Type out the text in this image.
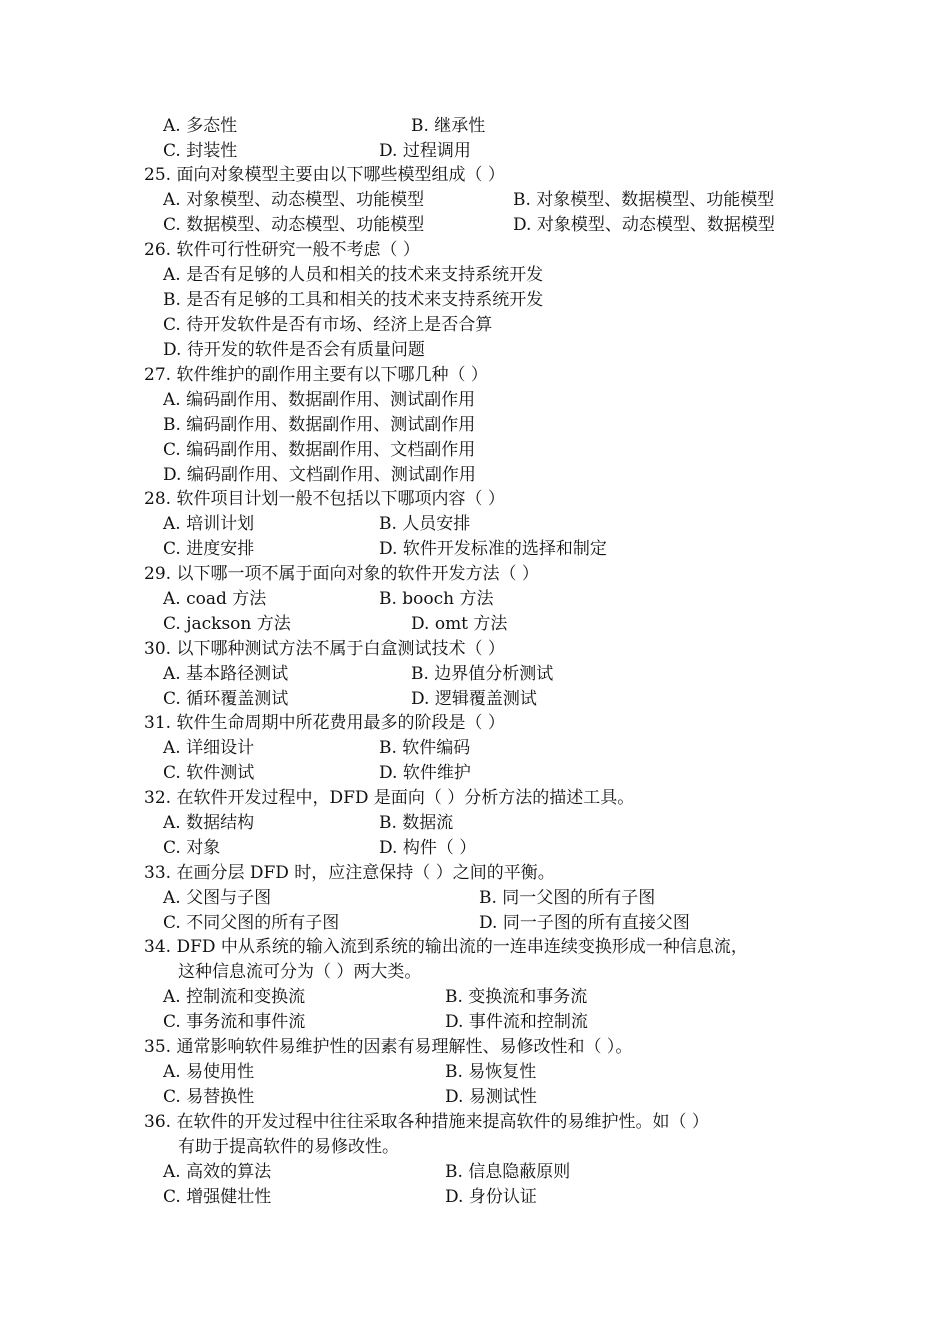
A. 多态性	B. 继承性
C. 封装性	D. 过程调用
25. 面向对象模型主要由以下哪些模型组成（ ）
A. 对象模型、动态模型、功能模型	B. 对象模型、数据模型、功能模型
C. 数据模型、动态模型、功能模型	D. 对象模型、动态模型、数据模型
26. 软件可行性研究一般不考虑（ ）
A. 是否有足够的人员和相关的技术来支持系统开发
B. 是否有足够的工具和相关的技术来支持系统开发
C. 待开发软件是否有市场、经济上是否合算
D. 待开发的软件是否会有质量问题
27. 软件维护的副作用主要有以下哪几种（ ）
A. 编码副作用、数据副作用、测试副作用
B. 编码副作用、数据副作用、测试副作用
C. 编码副作用、数据副作用、文档副作用
D. 编码副作用、文档副作用、测试副作用
28. 软件项目计划一般不包括以下哪项内容（ ）
A. 培训计划	B. 人员安排
C. 进度安排	D. 软件开发标准的选择和制定
29. 以下哪一项不属于面向对象的软件开发方法（ ）
A. coad 方法	B. booch 方法
C. jackson 方法	D. omt 方法
30. 以下哪种测试方法不属于白盒测试技术（ ）
A. 基本路径测试	B. 边界值分析测试
C. 循环覆盖测试	D. 逻辑覆盖测试
31. 软件生命周期中所花费用最多的阶段是（ ）
A. 详细设计	B. 软件编码
C. 软件测试	D. 软件维护
32. 在软件开发过程中，DFD 是面向（ ）分析方法的描述工具。
A. 数据结构	B. 数据流
C. 对象	D. 构件（ ）
33. 在画分层 DFD 时，应注意保持（ ）之间的平衡。
A. 父图与子图	B. 同一父图的所有子图
C. 不同父图的所有子图	D. 同一子图的所有直接父图
34. DFD 中从系统的输入流到系统的输出流的一连串连续变换形成一种信息流，
这种信息流可分为（ ）两大类。
A. 控制流和变换流	B. 变换流和事务流
C. 事务流和事件流	D. 事件流和控制流
35. 通常影响软件易维护性的因素有易理解性、易修改性和（ ）。
A. 易使用性	B. 易恢复性
C. 易替换性	D. 易测试性
36. 在软件的开发过程中往往采取各种措施来提高软件的易维护性。如（ ）
有助于提高软件的易修改性。
A. 高效的算法	B. 信息隐蔽原则
C. 增强健壮性	D. 身份认证
